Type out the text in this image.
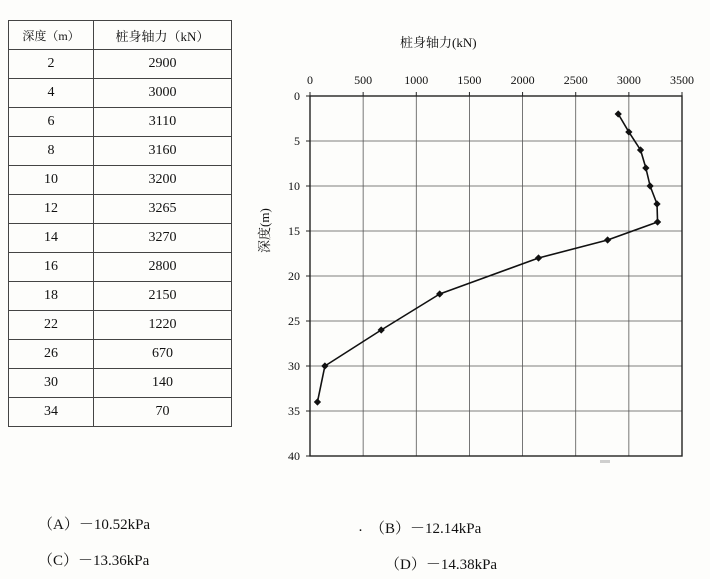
深度（m）	桩身轴力（kN）
2	2900
4	3000
6	3110
8	3160
10	3200
12	3265
14	3270
16	2800
18	2150
22	1220
26	670
30	140
34	70
桩身轴力(kN)
深度(m)
0	500	1000 1500 2000 2500 3000 3500
0
5
10
15
20
25
30
35
40
（A）－10.52kPa	· （B）－12.14kPa
（C）－13.36kPa	（D）－14.38kPa
